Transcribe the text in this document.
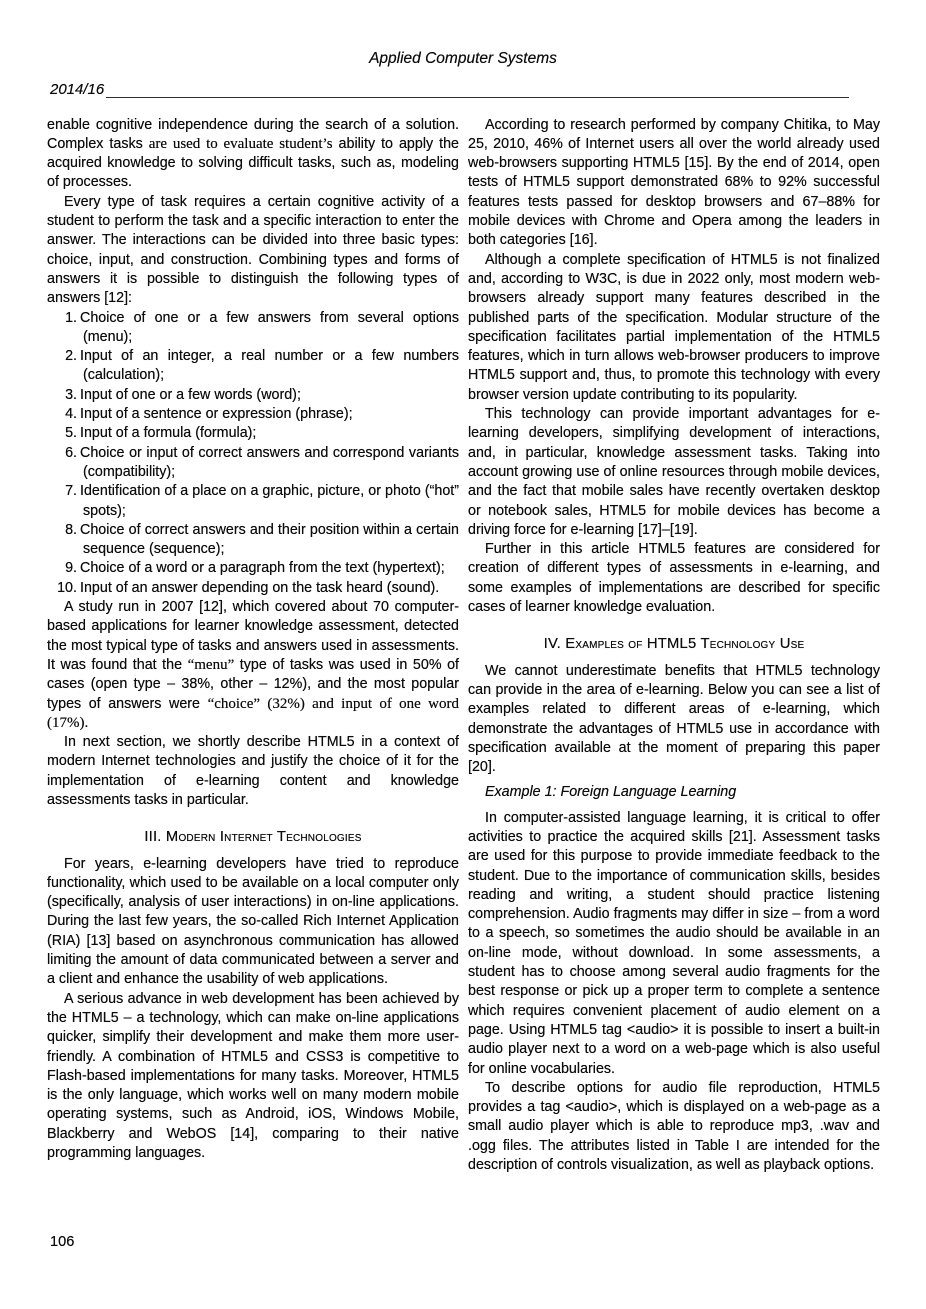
Applied Computer Systems
2014/16

enable cognitive independence during the search of a solution. Complex tasks are used to evaluate student’s ability to apply the acquired knowledge to solving difficult tasks, such as, modeling of processes.

Every type of task requires a certain cognitive activity of a student to perform the task and a specific interaction to enter the answer. The interactions can be divided into three basic types: choice, input, and construction. Combining types and forms of answers it is possible to distinguish the following types of answers [12]:

Choice of one or a few answers from several options (menu);
Input of an integer, a real number or a few numbers (calculation);
Input of one or a few words (word);
Input of a sentence or expression (phrase);
Input of a formula (formula);
Choice or input of correct answers and correspond variants (compatibility);
Identification of a place on a graphic, picture, or photo (“hot” spots);
Choice of correct answers and their position within a certain sequence (sequence);
Choice of a word or a paragraph from the text (hypertext);
Input of an answer depending on the task heard (sound).

A study run in 2007 [12], which covered about 70 computer-based applications for learner knowledge assessment, detected the most typical type of tasks and answers used in assessments. It was found that the “menu” type of tasks was used in 50% of cases (open type – 38%, other – 12%), and the most popular types of answers were “choice” (32%) and input of one word (17%).

In next section, we shortly describe HTML5 in a context of modern Internet technologies and justify the choice of it for the implementation of e-learning content and knowledge assessments tasks in particular.

III. Modern Internet Technologies

For years, e-learning developers have tried to reproduce functionality, which used to be available on a local computer only (specifically, analysis of user interactions) in on-line applications. During the last few years, the so-called Rich Internet Application (RIA) [13] based on asynchronous communication has allowed limiting the amount of data communicated between a server and a client and enhance the usability of web applications.

A serious advance in web development has been achieved by the HTML5 – a technology, which can make on-line applications quicker, simplify their development and make them more user-friendly. A combination of HTML5 and CSS3 is competitive to Flash-based implementations for many tasks. Moreover, HTML5 is the only language, which works well on many modern mobile operating systems, such as Android, iOS, Windows Mobile, Blackberry and WebOS [14], comparing to their native programming languages.

According to research performed by company Chitika, to May 25, 2010, 46% of Internet users all over the world already used web-browsers supporting HTML5 [15]. By the end of 2014, open tests of HTML5 support demonstrated 68% to 92% successful features tests passed for desktop browsers and 67–88% for mobile devices with Chrome and Opera among the leaders in both categories [16].

Although a complete specification of HTML5 is not finalized and, according to W3C, is due in 2022 only, most modern web-browsers already support many features described in the published parts of the specification. Modular structure of the specification facilitates partial implementation of the HTML5 features, which in turn allows web-browser producers to improve HTML5 support and, thus, to promote this technology with every browser version update contributing to its popularity.

This technology can provide important advantages for e-learning developers, simplifying development of interactions, and, in particular, knowledge assessment tasks. Taking into account growing use of online resources through mobile devices, and the fact that mobile sales have recently overtaken desktop or notebook sales, HTML5 for mobile devices has become a driving force for e-learning [17]–[19].

Further in this article HTML5 features are considered for creation of different types of assessments in e-learning, and some examples of implementations are described for specific cases of learner knowledge evaluation.

IV. Examples of HTML5 Technology Use

We cannot underestimate benefits that HTML5 technology can provide in the area of e-learning. Below you can see a list of examples related to different areas of e-learning, which demonstrate the advantages of HTML5 use in accordance with specification available at the moment of preparing this paper [20].

Example 1: Foreign Language Learning

In computer-assisted language learning, it is critical to offer activities to practice the acquired skills [21]. Assessment tasks are used for this purpose to provide immediate feedback to the student. Due to the importance of communication skills, besides reading and writing, a student should practice listening comprehension. Audio fragments may differ in size – from a word to a speech, so sometimes the audio should be available in an on-line mode, without download. In some assessments, a student has to choose among several audio fragments for the best response or pick up a proper term to complete a sentence which requires convenient placement of audio element on a page. Using HTML5 tag <audio> it is possible to insert a built-in audio player next to a word on a web-page which is also useful for online vocabularies.

To describe options for audio file reproduction, HTML5 provides a tag <audio>, which is displayed on a web-page as a small audio player which is able to reproduce mp3, .wav and .ogg files. The attributes listed in Table I are intended for the description of controls visualization, as well as playback options.

106
